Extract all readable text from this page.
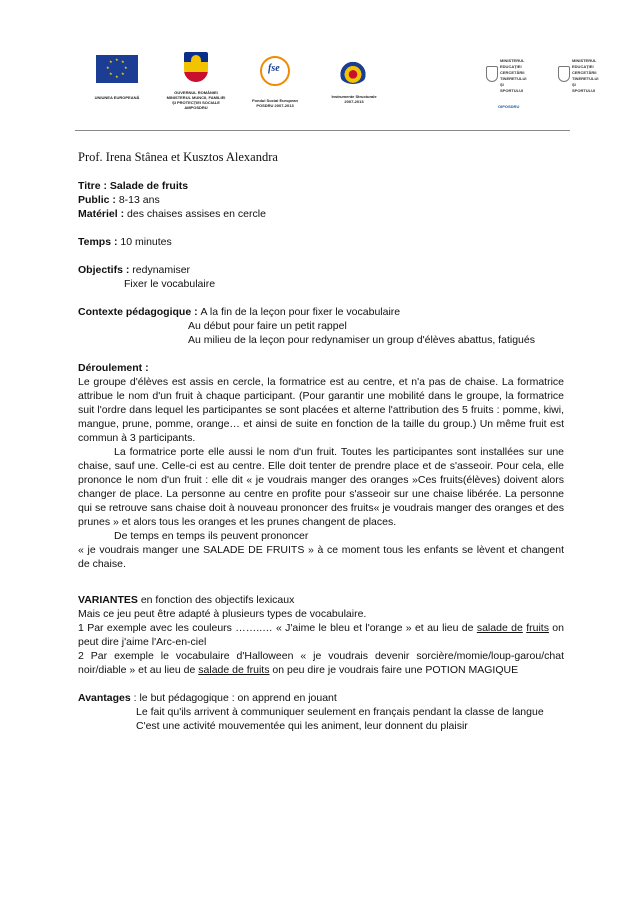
★ ★
★
★
★
★
★
★
UNIUNEA EUROPEANĂ
GUVERNUL ROMÂNIEI
MINISTERUL MUNCII, FAMILIEI
ŞI PROTECŢIEI SOCIALE
AMPOSDRU
fse
Fondul Social European
POSDRU 2007-2013
Instrumente Structurale
2007-2013
MINISTERUL
EDUCAȚIEI
CERCETĂRII
TINERETULUI
ȘI SPORTULUI
OIPOSDRU
MINISTERUL
EDUCAȚIEI
CERCETĂRII
TINERETULUI
ȘI SPORTULUI
Prof. Irena Stânea et Kusztos Alexandra

Titre : Salade de fruits

Public : 8-13 ans

Matériel : des chaises assises en cercle

Temps : 10 minutes

Objectifs : redynamiser

Fixer le vocabulaire

Contexte pédagogique : A la fin de la leçon pour fixer le vocabulaire

Au début pour faire un petit rappel

Au milieu de la leçon pour redynamiser un group d'élèves abattus, fatigués

Déroulement :

Le groupe d'élèves est assis en cercle, la formatrice est au centre, et n'a pas de chaise. La formatrice attribue le nom d'un fruit à chaque participant. (Pour garantir une mobilité dans le groupe, la formatrice suit l'ordre dans lequel les participantes se sont placées et alterne l'attribution des 5 fruits : pomme, kiwi, mangue, prune, pomme, orange… et ainsi de suite en fonction de la taille du group.) Un même fruit est commun à 3 participants.

La formatrice porte elle aussi le nom d'un fruit. Toutes les participantes sont installées sur une chaise, sauf une. Celle-ci est au centre. Elle doit tenter de prendre place et de s'asseoir. Pour cela, elle prononce le nom d'un fruit : elle dit « je voudrais manger des oranges »Ces fruits(élèves) doivent alors changer de place. La personne au centre en profite pour s'asseoir sur une chaise libérée. La personne qui se retrouve sans chaise doit à nouveau prononcer des fruits« je voudrais manger des oranges et des prunes » et alors tous les oranges et les prunes changent de places.

De temps en temps ils peuvent prononcer

« je voudrais manger une SALADE DE FRUITS » à ce moment tous les enfants se lèvent et changent de chaise.

VARIANTES en fonction des objectifs lexicaux

Mais ce jeu peut être adapté à plusieurs types de vocabulaire.

1 Par exemple avec les couleurs ……..… « J'aime le bleu et l'orange » et au lieu de salade de fruits on peut dire j'aime l'Arc-en-ciel

2 Par exemple le vocabulaire d'Halloween « je voudrais devenir sorcière/momie/loup-garou/chat noir/diable » et au lieu de salade de fruits on peu dire je voudrais faire une POTION MAGIQUE

Avantages : le but pédagogique : on apprend en jouant

Le fait qu'ils arrivent à communiquer seulement en français pendant la classe de langue

C'est une activité mouvementée qui les animent, leur donnent du plaisir
